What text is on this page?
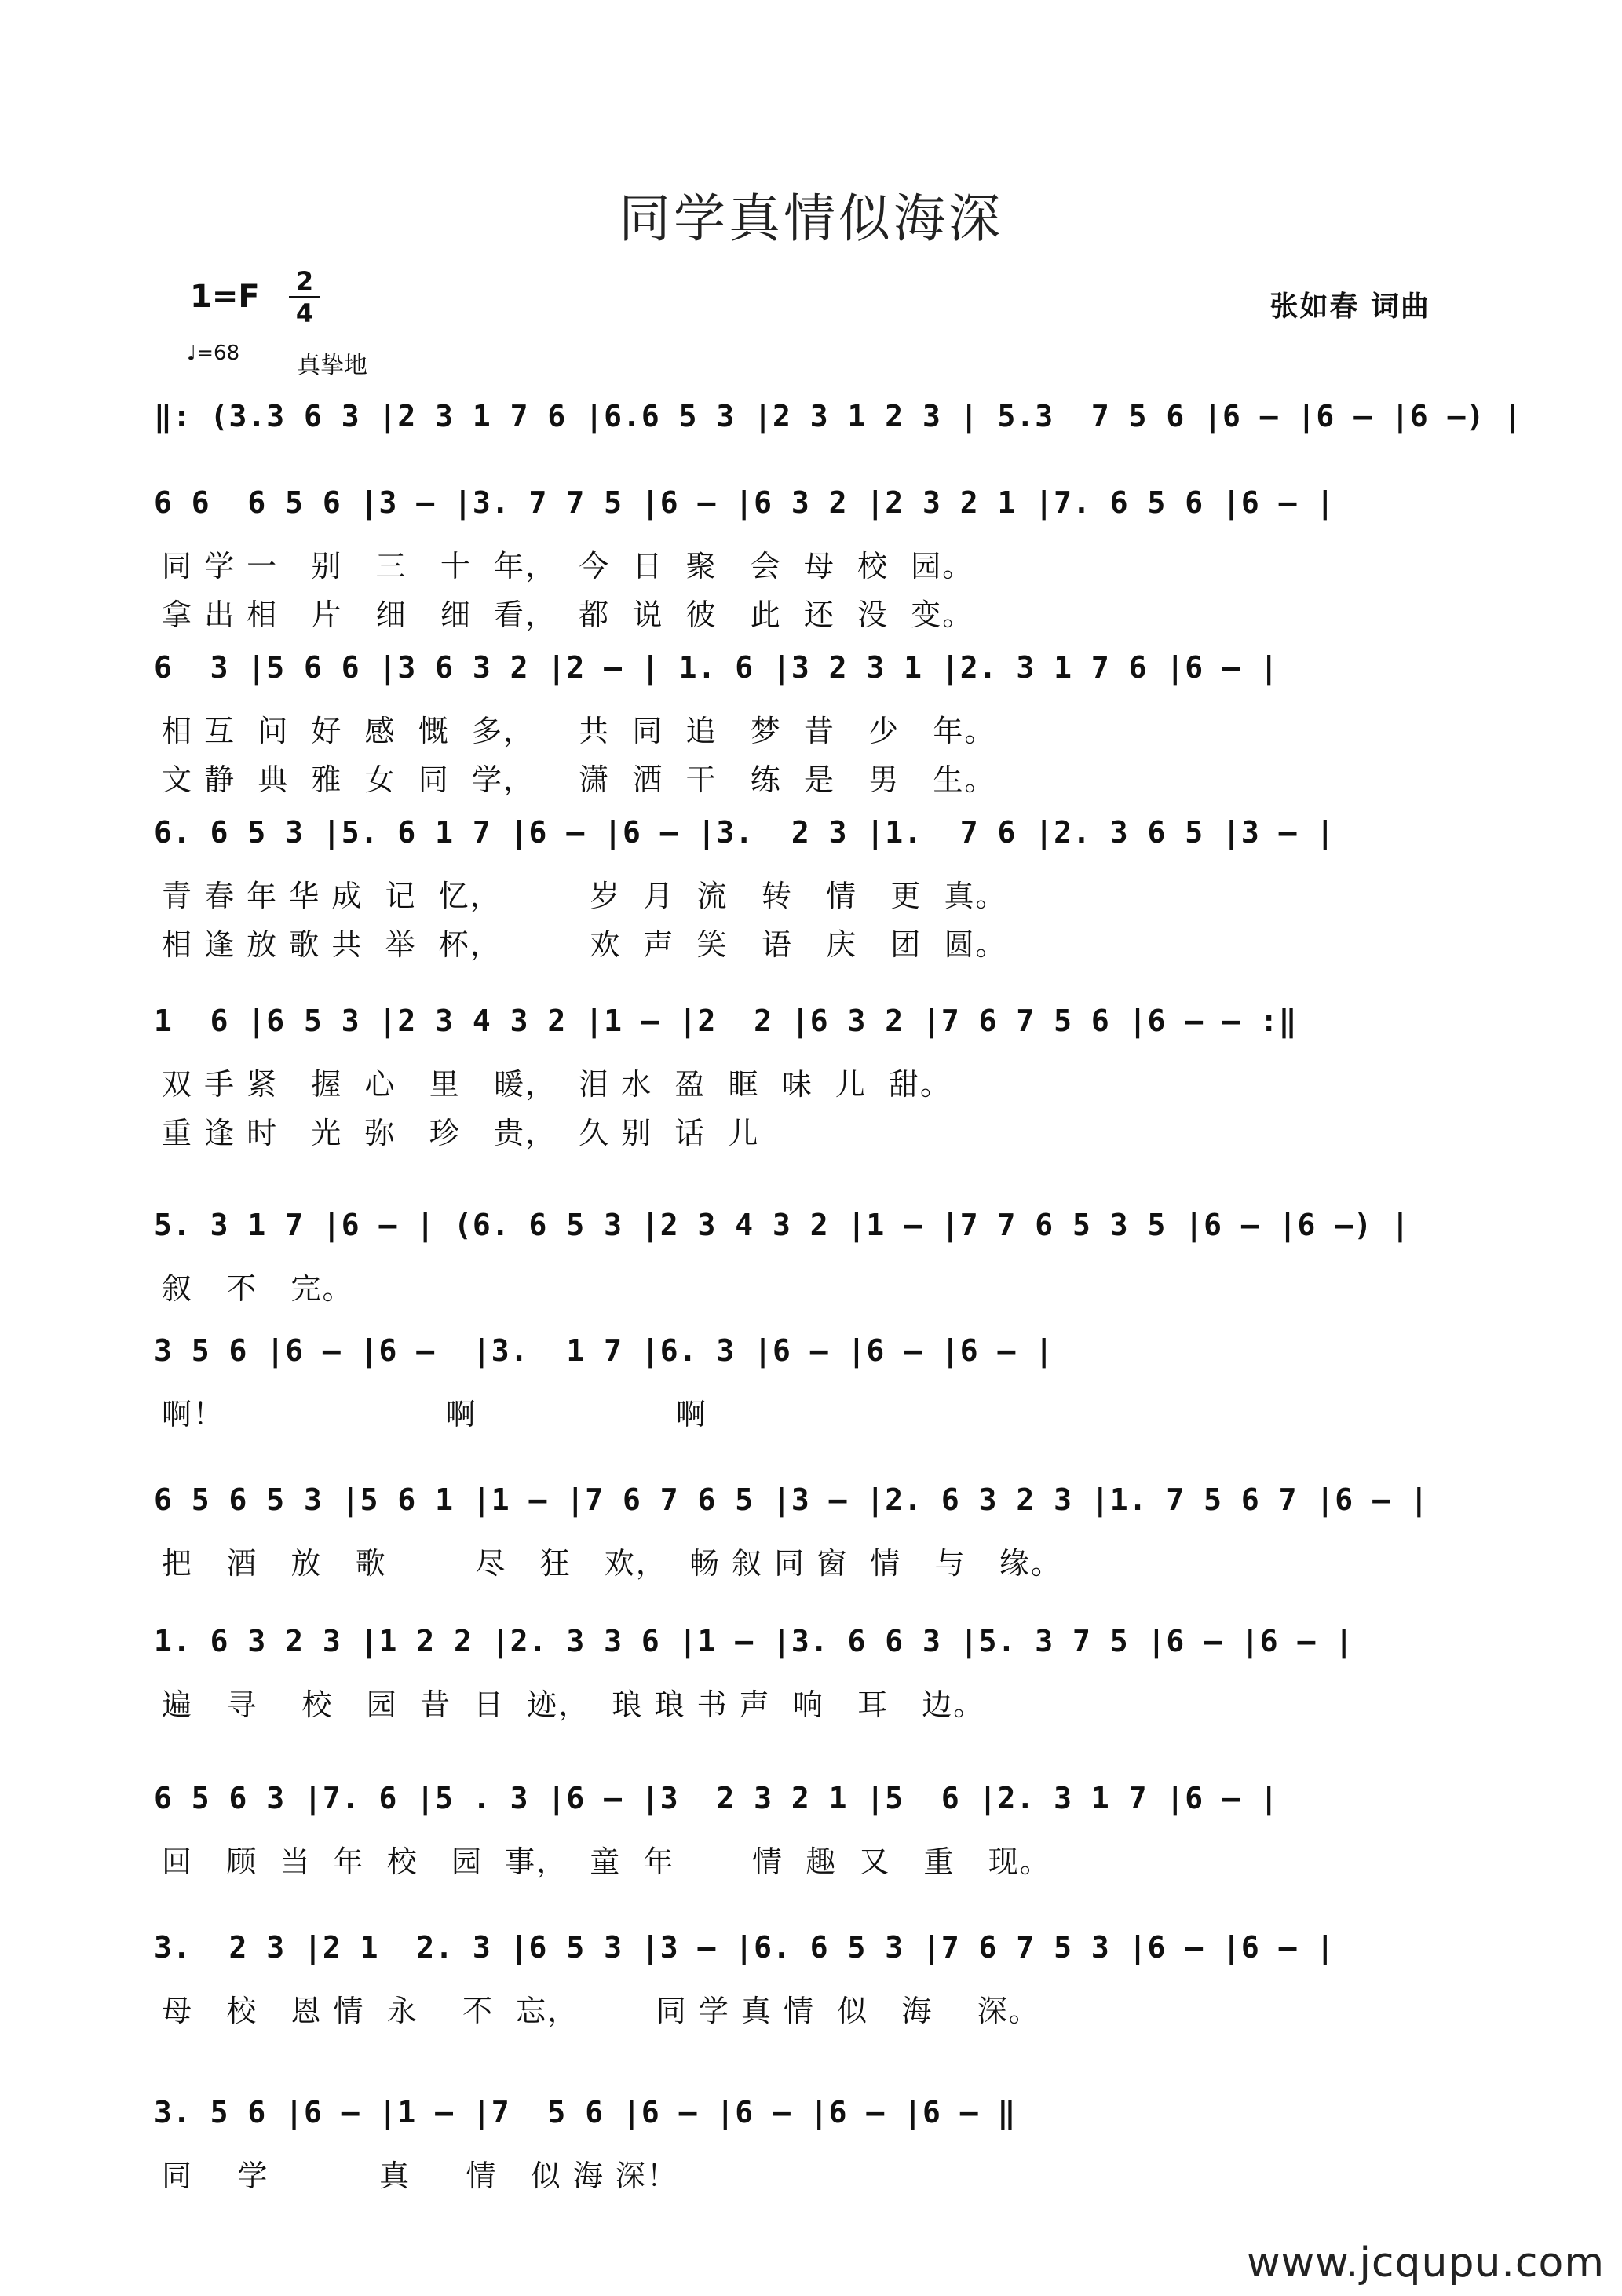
同学真情似海深
1=F 2
4	张如春 词曲
♩=68 真挚地
‖: (3.3 6 3 |2 3 1 7 6 |6.6 5 3 |2 3 1 2 3 | 5.3  7 5 6 |6 – |6 – |6 –) |
6 6  6 5 6 |3 – |3. 7 7 5 |6 – |6 3 2 |2 3 2 1 |7. 6 5 6 |6 – |
同 学 一   别   三   十  年，  今  日  聚   会  母  校  园。
拿 出 相   片   细   细  看，  都  说  彼   此  还  没  变。
6  3 |5 6 6 |3 6 3 2 |2 – | 1. 6 |3 2 3 1 |2. 3 1 7 6 |6 – |
相 互  问  好  感  慨  多，    共  同  追   梦  昔   少   年。
文 静  典  雅  女  同  学，    潇  洒  干   练  是   男   生。
6. 6 5 3 |5. 6 1 7 |6 – |6 – |3.  2 3 |1.  7 6 |2. 3 6 5 |3 – |
青 春 年 华 成  记  忆，        岁  月  流   转   情   更  真。
相 逢 放 歌 共  举  杯，        欢  声  笑   语   庆   团  圆。
1  6 |6 5 3 |2 3 4 3 2 |1 – |2  2 |6 3 2 |7 6 7 5 6 |6 – – :‖
双 手 紧   握  心   里   暖，  泪 水  盈  眶  味  儿  甜。
重 逢 时   光  弥   珍   贵，  久 别  话  儿
5. 3 1 7 |6 – | (6. 6 5 3 |2 3 4 3 2 |1 – |7 7 6 5 3 5 |6 – |6 –) |
叙   不   完。
3 5 6 |6 – |6 –  |3.  1 7 |6. 3 |6 – |6 – |6 – |
啊！                    啊                  啊
6 5 6 5 3 |5 6 1 |1 – |7 6 7 6 5 |3 – |2. 6 3 2 3 |1. 7 5 6 7 |6 – |
把   酒   放   歌        尽   狂   欢，  畅 叙 同 窗  情   与   缘。
1. 6 3 2 3 |1 2 2 |2. 3 3 6 |1 – |3. 6 6 3 |5. 3 7 5 |6 – |6 – |
遍   寻    校   园  昔  日  迹，  琅 琅 书 声  响   耳   边。
6 5 6 3 |7. 6 |5 . 3 |6 – |3  2 3 2 1 |5  6 |2. 3 1 7 |6 – |
回   顾  当  年  校   园  事，  童  年       情  趣  又   重   现。
3.  2 3 |2 1  2. 3 |6 5 3 |3 – |6. 6 5 3 |7 6 7 5 3 |6 – |6 – |
母   校   恩 情  永    不  忘，       同 学 真 情  似   海    深。
3. 5 6 |6 – |1 – |7  5 6 |6 – |6 – |6 – |6 – ‖
同    学          真     情   似 海 深！
www.jcqupu.com
